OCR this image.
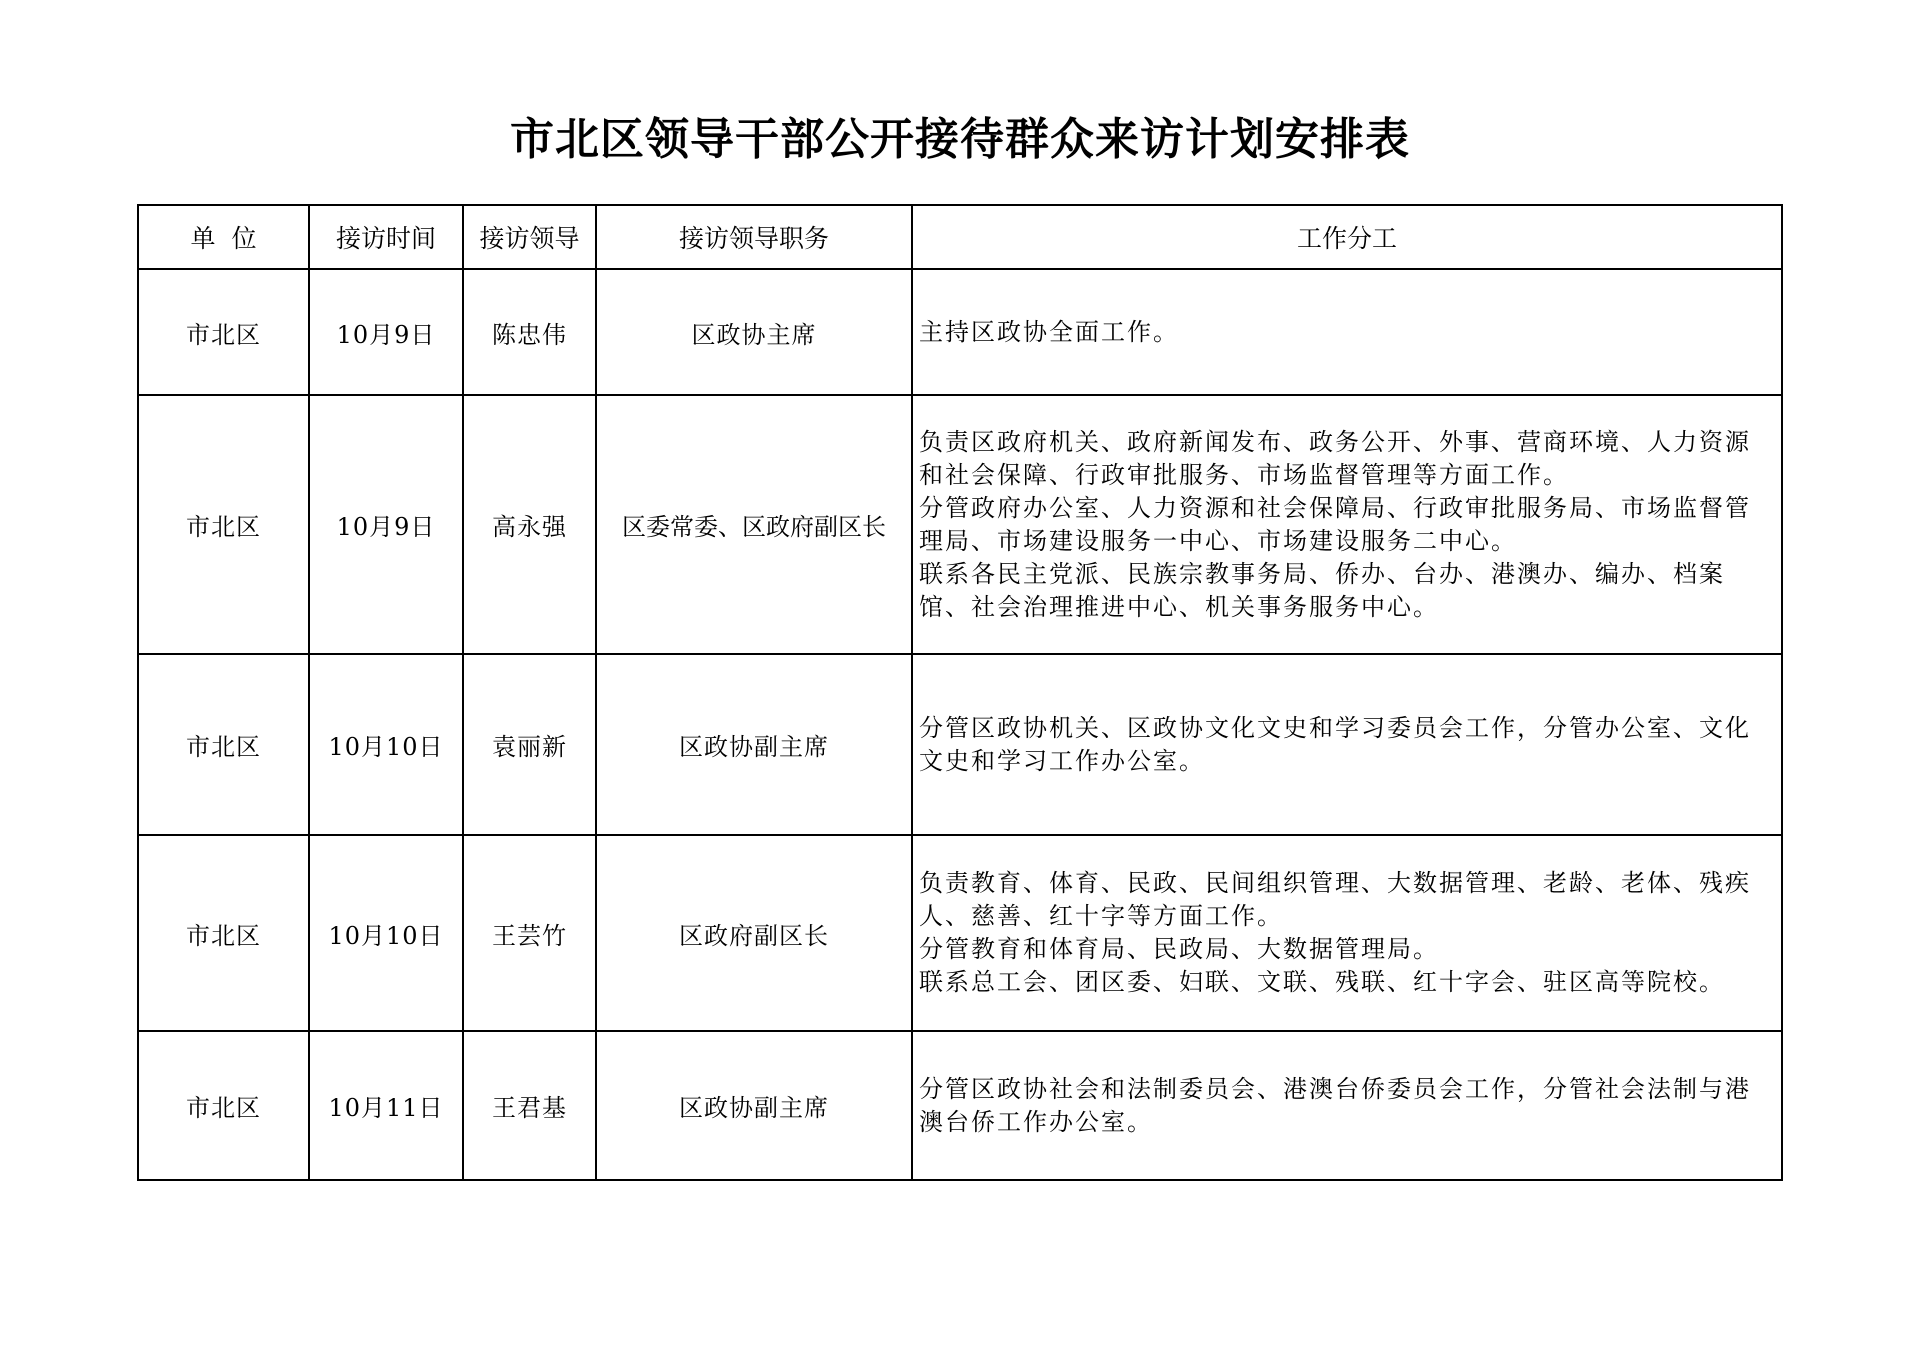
市北区领导干部公开接待群众来访计划安排表
单  位	接访时间	接访领导	接访领导职务	工作分工
市北区	10月9日	陈忠伟	区政协主席	主持区政协全面工作。

市北区	10月9日	高永强	区委常委、区政府副区长	负责区政府机关、政府新闻发布、政务公开、外事、营商环境、人力资源和社会保障、行政审批服务、市场监督管理等方面工作。
分管政府办公室、人力资源和社会保障局、行政审批服务局、市场监督管理局、市场建设服务一中心、市场建设服务二中心。
联系各民主党派、民族宗教事务局、侨办、台办、港澳办、编办、档案馆、社会治理推进中心、机关事务服务中心。

市北区	10月10日	袁丽新	区政协副主席	分管区政协机关、区政协文化文史和学习委员会工作，分管办公室、文化文史和学习工作办公室。

市北区	10月10日	王芸竹	区政府副区长	负责教育、体育、民政、民间组织管理、大数据管理、老龄、老体、残疾人、慈善、红十字等方面工作。
分管教育和体育局、民政局、大数据管理局。
联系总工会、团区委、妇联、文联、残联、红十字会、驻区高等院校。

市北区	10月11日	王君基	区政协副主席	分管区政协社会和法制委员会、港澳台侨委员会工作，分管社会法制与港澳台侨工作办公室。
